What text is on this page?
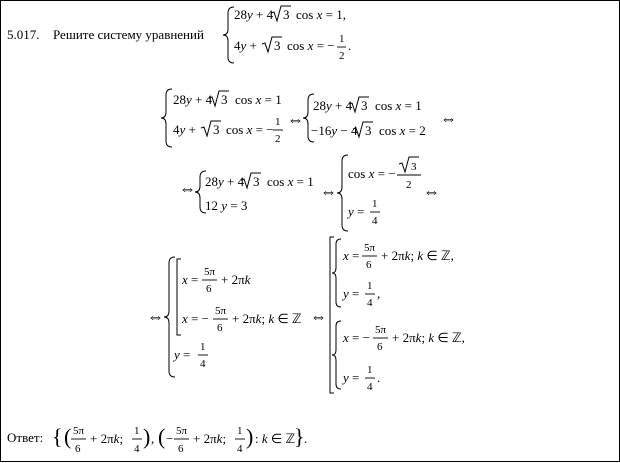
5.017. Решите систему уравнений
28y + 4 3 cos x = 1,
4y + 3 cos x = − 1
2
.
28y + 4 3 cos x = 1
4y + 3 cos x = − 1
2
⇔
28y + 4 3 cos x = 1
−16y − 4 3 cos x = 2
⇔
⇔ 28y + 4 3 cos x = 1
12 y = 3
⇔
cos x = − 3
2
y = 1
4
⇔
⇔
x = 5π
6
+ 2πk
x = − 5π
6
+ 2πk; k ∈ ℤ
y = 1
4
⇔
x = 5π
6
+ 2πk; k ∈ ℤ,
y = 1
4
,
x = − 5π
6
+ 2πk; k ∈ ℤ,
y = 1
4
.
Ответ: { ( 5π
6
+ 2πk; 1
4 ) , ( − 5π
6
+ 2πk; 1
4 ) : k ∈ ℤ
} .
